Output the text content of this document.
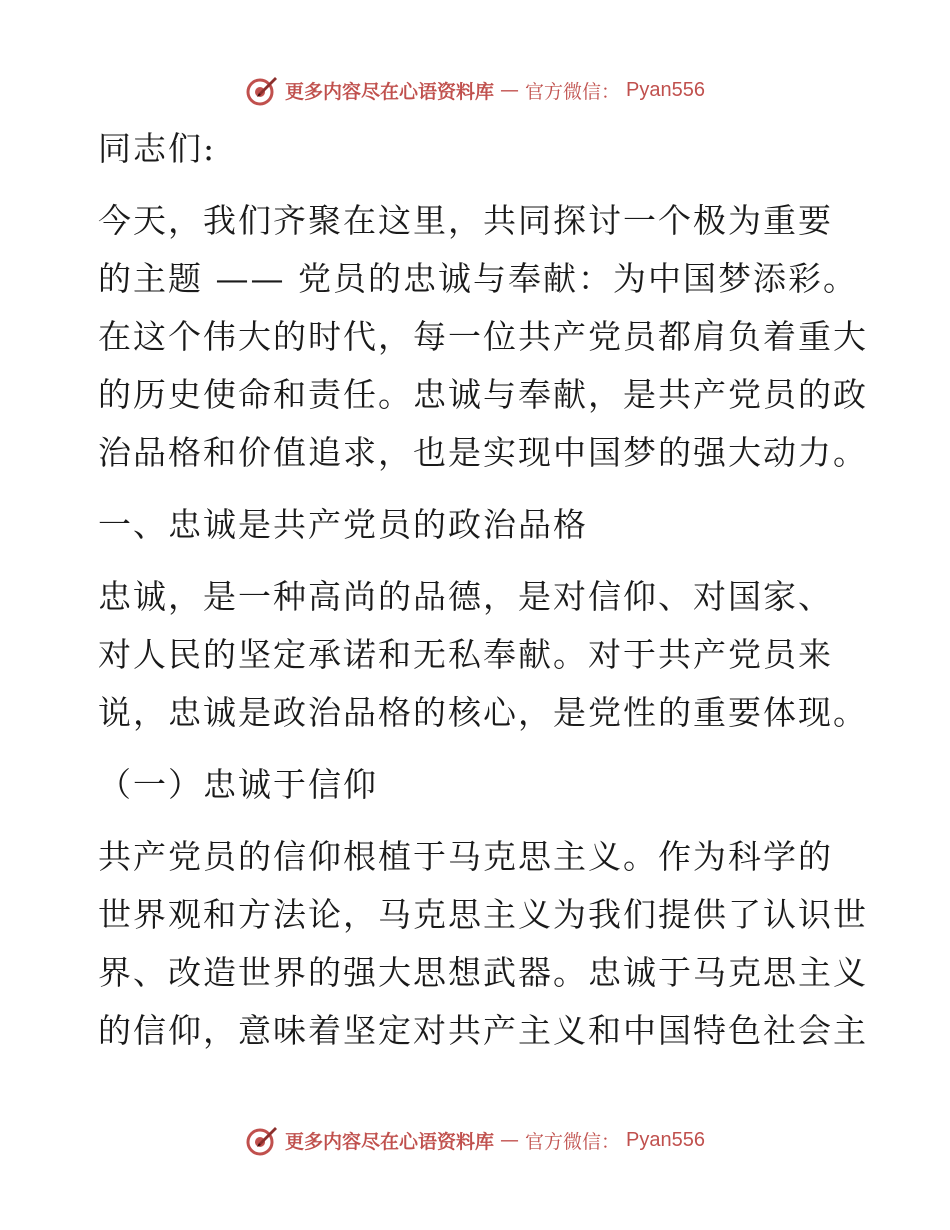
更多内容尽在心语资料库 — 官方微信： Pyan556
同志们:
今天，我们齐聚在这里，共同探讨一个极为重要
的主题 —— 党员的忠诚与奉献：为中国梦添彩。
在这个伟大的时代，每一位共产党员都肩负着重大
的历史使命和责任。忠诚与奉献，是共产党员的政
治品格和价值追求，也是实现中国梦的强大动力。
一、忠诚是共产党员的政治品格
忠诚，是一种高尚的品德，是对信仰、对国家、
对人民的坚定承诺和无私奉献。对于共产党员来
说，忠诚是政治品格的核心，是党性的重要体现。
（一）忠诚于信仰
共产党员的信仰根植于马克思主义。作为科学的
世界观和方法论，马克思主义为我们提供了认识世
界、改造世界的强大思想武器。忠诚于马克思主义
的信仰，意味着坚定对共产主义和中国特色社会主
更多内容尽在心语资料库 — 官方微信： Pyan556
